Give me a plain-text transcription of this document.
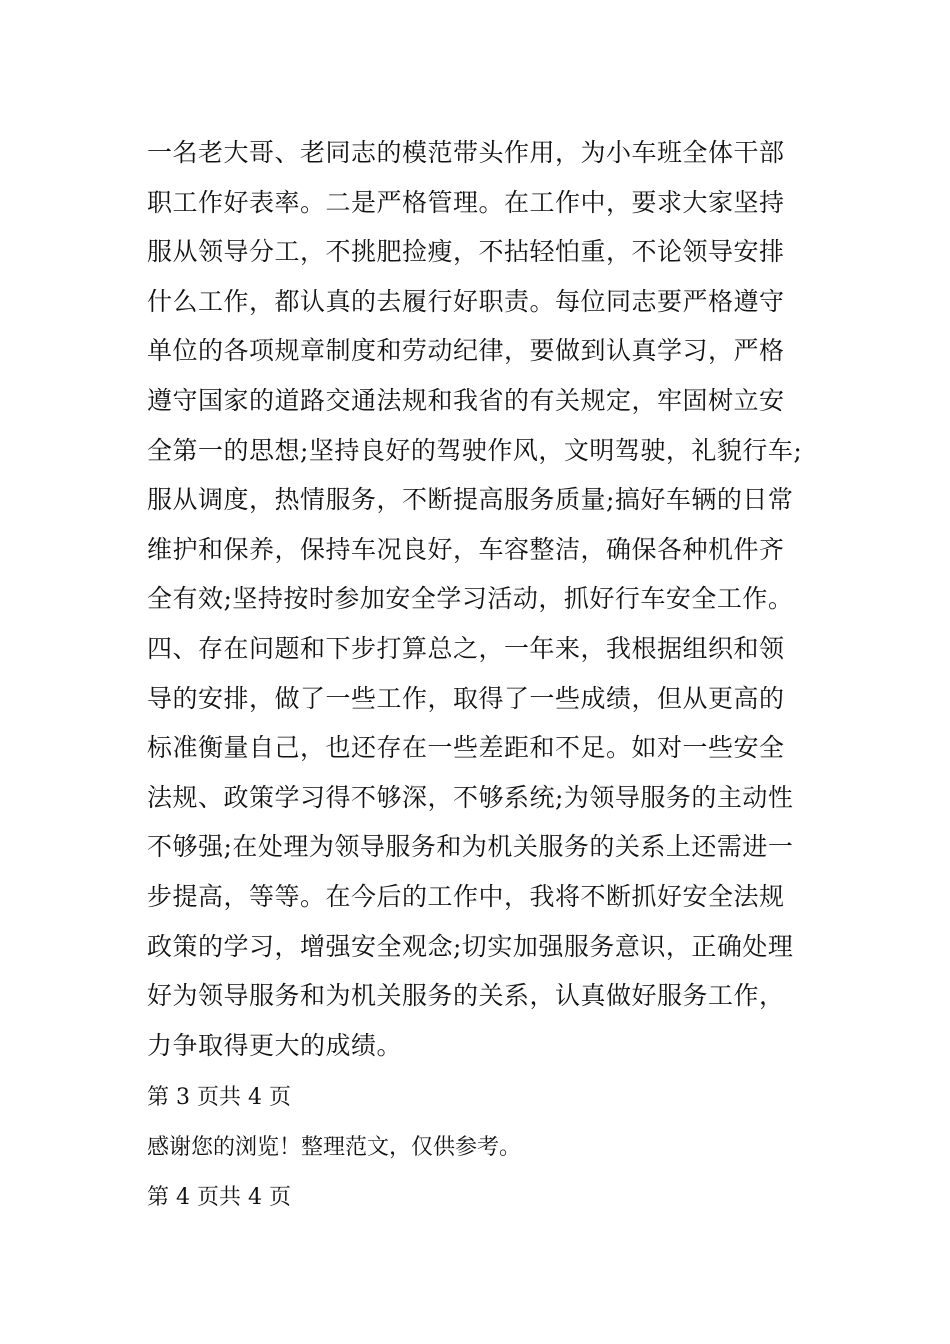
一名老大哥、老同志的模范带头作用，为小车班全体干部
职工作好表率。二是严格管理。在工作中，要求大家坚持
服从领导分工，不挑肥捡瘦，不拈轻怕重，不论领导安排
什么工作，都认真的去履行好职责。每位同志要严格遵守
单位的各项规章制度和劳动纪律，要做到认真学习，严格
遵守国家的道路交通法规和我省的有关规定，牢固树立安
全第一的思想;坚持良好的驾驶作风，文明驾驶，礼貌行车;
服从调度，热情服务，不断提高服务质量;搞好车辆的日常
维护和保养，保持车况良好，车容整洁，确保各种机件齐
全有效;坚持按时参加安全学习活动，抓好行车安全工作。
四、存在问题和下步打算总之，一年来，我根据组织和领
导的安排，做了一些工作，取得了一些成绩，但从更高的
标准衡量自己，也还存在一些差距和不足。如对一些安全
法规、政策学习得不够深，不够系统;为领导服务的主动性
不够强;在处理为领导服务和为机关服务的关系上还需进一
步提高，等等。在今后的工作中，我将不断抓好安全法规
政策的学习，增强安全观念;切实加强服务意识，正确处理
好为领导服务和为机关服务的关系，认真做好服务工作，
力争取得更大的成绩。
第 3 页共 4 页
感谢您的浏览！整理范文，仅供参考。
第 4 页共 4 页
